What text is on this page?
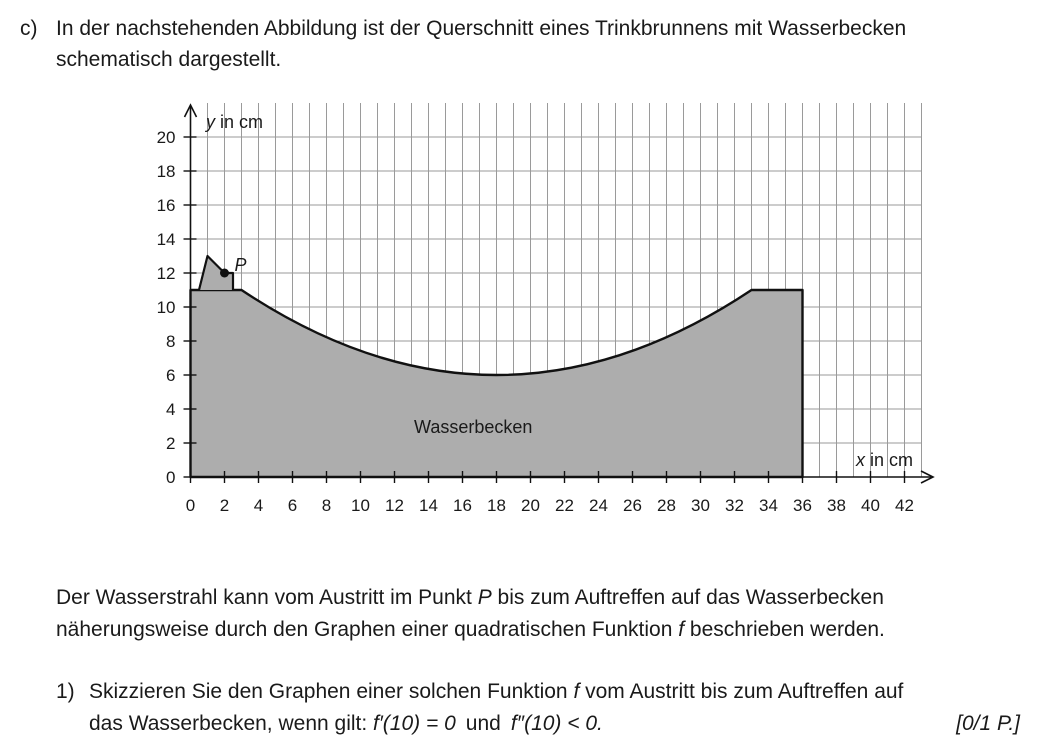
c) In der nachstehenden Abbildung ist der Querschnitt eines Trinkbrunnens mit Wasserbecken
schematisch dargestellt.
0 2 4 6 8 10 12 14 16 18 20 22 24 26 28 30 32 34 36 38 40 42
0
2
4
6
8
10
12
14
16
18
20
y in cm
x in cm
Wasserbecken
P
Der Wasserstrahl kann vom Austritt im Punkt P bis zum Auftreffen auf das Wasserbecken
näherungsweise durch den Graphen einer quadratischen Funktion f beschrieben werden.
1) Skizzieren Sie den Graphen einer solchen Funktion f vom Austritt bis zum Auftreffen auf
das Wasserbecken, wenn gilt: f′(10) = 0 und f″(10) < 0.	[0/1 P.]
